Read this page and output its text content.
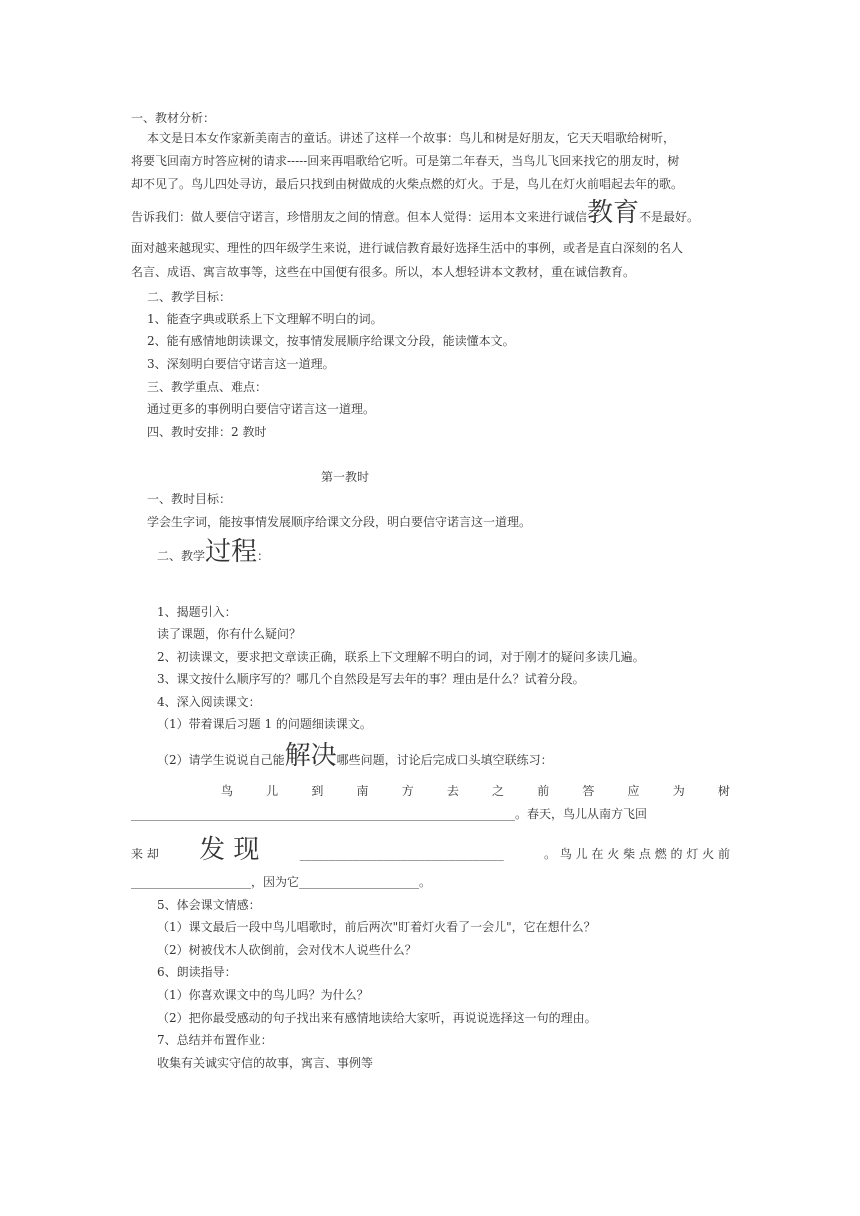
一、教材分析：
本文是日本女作家新美南吉的童话。讲述了这样一个故事：鸟儿和树是好朋友，它天天唱歌给树听，
将要飞回南方时答应树的请求-----回来再唱歌给它听。可是第二年春天，当鸟儿飞回来找它的朋友时，树
却不见了。鸟儿四处寻访，最后只找到由树做成的火柴点燃的灯火。于是，鸟儿在灯火前唱起去年的歌。
告诉我们：做人要信守诺言，珍惜朋友之间的情意。但本人觉得：运用本文来进行诚信教育不是最好。
面对越来越现实、理性的四年级学生来说，进行诚信教育最好选择生活中的事例，或者是直白深刻的名人
名言、成语、寓言故事等，这些在中国便有很多。所以，本人想轻讲本文教材，重在诚信教育。
二、教学目标：
1、能查字典或联系上下文理解不明白的词。
2、能有感情地朗读课文，按事情发展顺序给课文分段，能读懂本文。
3、深刻明白要信守诺言这一道理。
三、教学重点、难点：
通过更多的事例明白要信守诺言这一道理。
四、教时安排：2 教时
第一教时
一、教时目标：
学会生字词，能按事情发展顺序给课文分段，明白要信守诺言这一道理。
二、教学过程：
1、揭题引入：
读了课题，你有什么疑问？
2、初读课文，要求把文章读正确，联系上下文理解不明白的词，对于刚才的疑问多读几遍。
3、课文按什么顺序写的？哪几个自然段是写去年的事？理由是什么？试着分段。
4、深入阅读课文：
（1）带着课后习题 1 的问题细读课文。
（2）请学生说说自己能解决哪些问题，讨论后完成口头填空联练习：
鸟	儿	到	南	方	去	之	前	答	应	为	树
________________________________________________________________。春天，鸟儿从南方飞回
来 却 发 现	__________________________________	。 鸟 儿 在 火 柴 点 燃 的 灯 火 前
____________________，因为它____________________。
5、体会课文情感：
（1）课文最后一段中鸟儿唱歌时，前后两次"盯着灯火看了一会儿"，它在想什么？
（2）树被伐木人砍倒前，会对伐木人说些什么？
6、朗读指导：
（1）你喜欢课文中的鸟儿吗？为什么？
（2）把你最受感动的句子找出来有感情地读给大家听，再说说选择这一句的理由。
7、总结并布置作业：
收集有关诚实守信的故事，寓言、事例等
